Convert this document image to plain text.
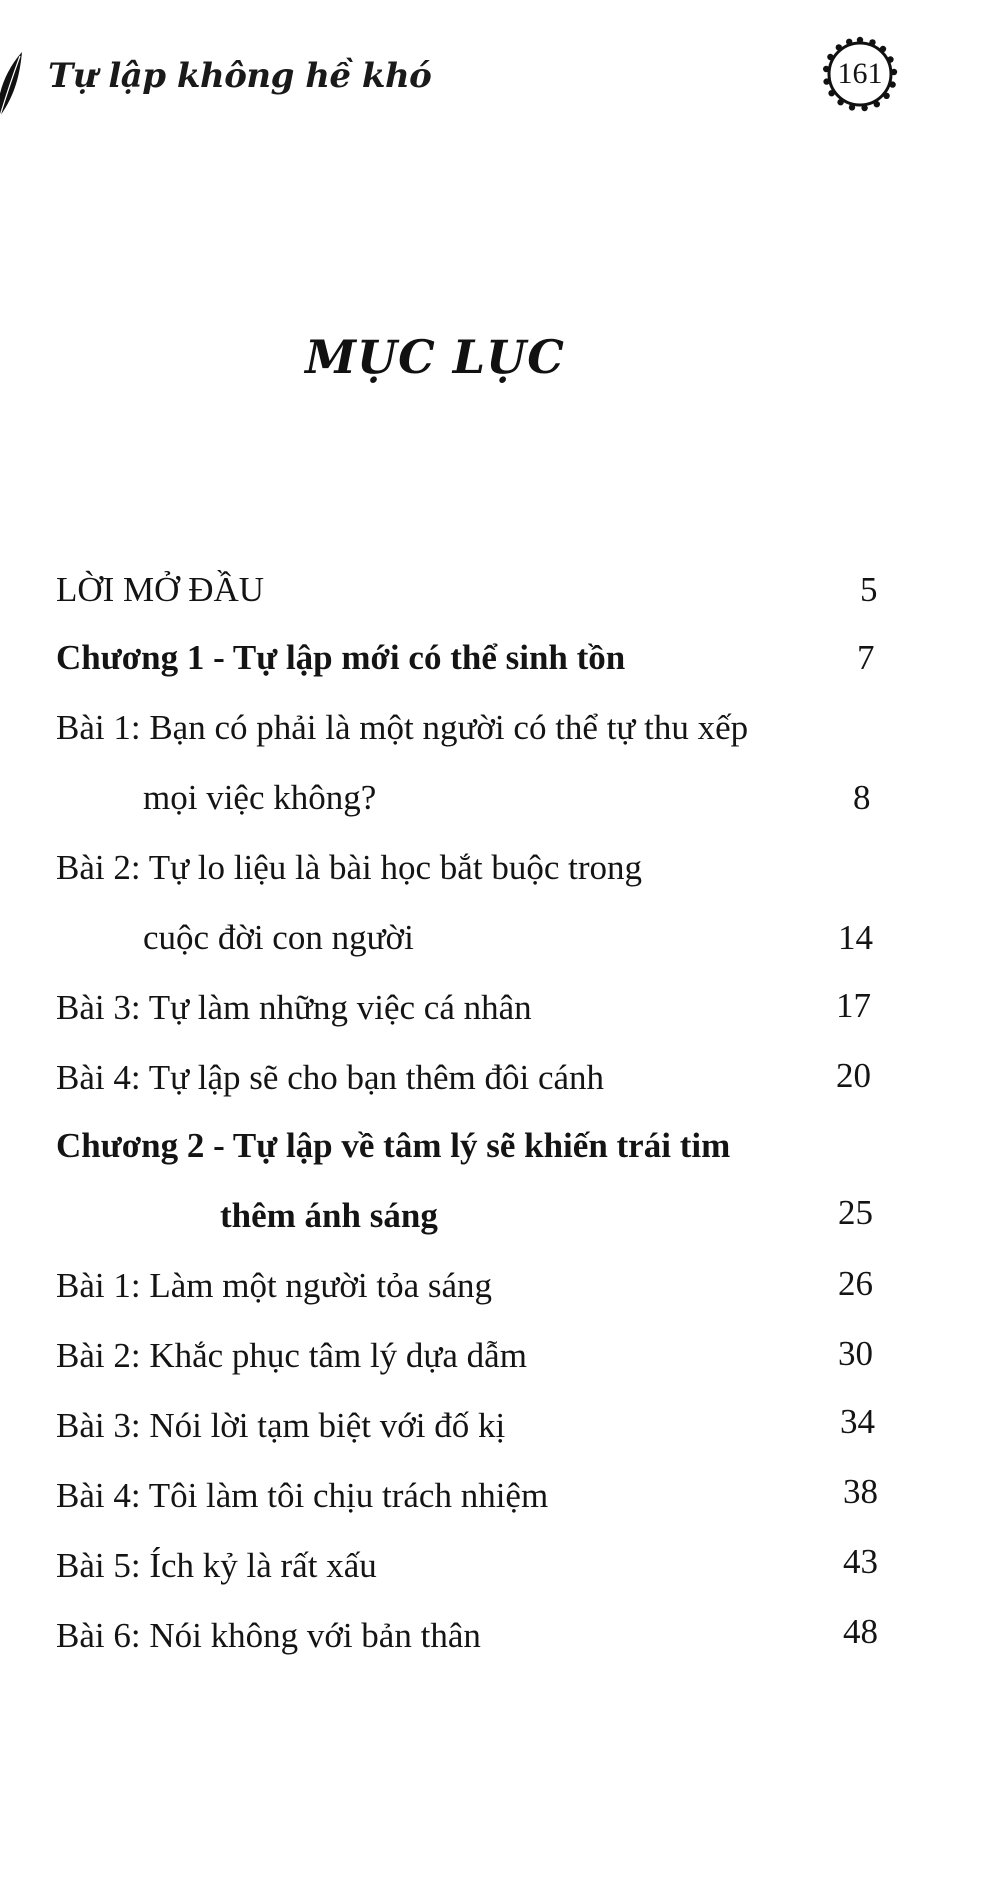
Tự lập không hề khó	161
MỤC LỤC
LỜI MỞ ĐẦU	5
Chương 1 - Tự lập mới có thể sinh tồn	7
Bài 1: Bạn có phải là một người có thể tự thu xếp
mọi việc không?	8
Bài 2: Tự lo liệu là bài học bắt buộc trong
cuộc đời con người	14
Bài 3: Tự làm những việc cá nhân	17
Bài 4: Tự lập sẽ cho bạn thêm đôi cánh	20
Chương 2 - Tự lập về tâm lý sẽ khiến trái tim
thêm ánh sáng	25
Bài 1: Làm một người tỏa sáng	26
Bài 2: Khắc phục tâm lý dựa dẫm	30
Bài 3: Nói lời tạm biệt với đố kị	34
Bài 4: Tôi làm tôi chịu trách nhiệm	38
Bài 5: Ích kỷ là rất xấu	43
Bài 6: Nói không với bản thân	48
